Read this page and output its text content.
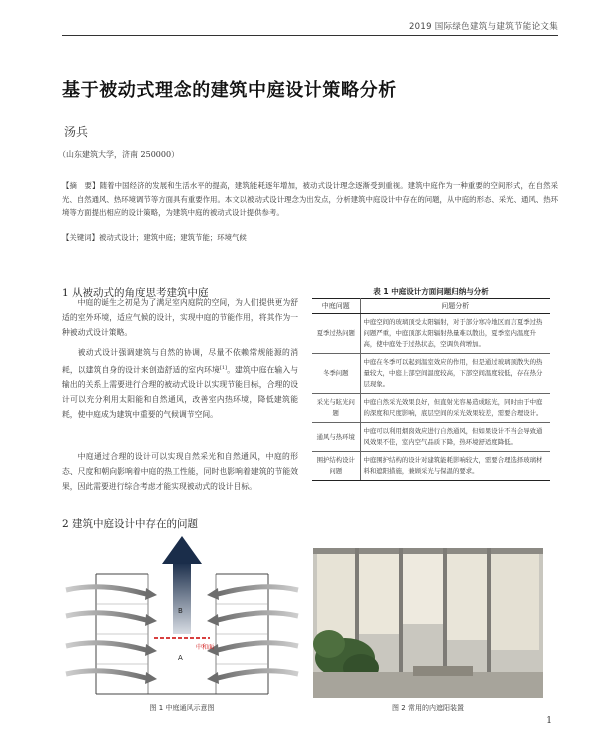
2019 国际绿色建筑与建筑节能论文集
基于被动式理念的建筑中庭设计策略分析
汤兵
（山东建筑大学，济南 250000）
【摘　要】随着中国经济的发展和生活水平的提高，建筑能耗逐年增加，被动式设计理念逐渐受到重视。建筑中庭作为一种重要的空间形式，在自然采光、自然通风、热环境调节等方面具有重要作用。本文以被动式设计理念为出发点，分析建筑中庭设计中存在的问题，从中庭的形态、采光、通风、热环境等方面提出相应的设计策略，为建筑中庭的被动式设计提供参考。
【关键词】被动式设计；建筑中庭；建筑节能；环境气候
1 从被动式的角度思考建筑中庭
中庭的诞生之初是为了满足室内庭院的空间，为人们提供更为舒适的室外环境，适应气候的设计，实现中庭的节能作用，将其作为一种被动式设计策略。
被动式设计强调建筑与自然的协调，尽量不依赖常规能源的消耗，以建筑自身的设计来创造舒适的室内环境[1]。建筑中庭在输入与输出的关系上需要进行合理的被动式设计以实现节能目标，合理的设计可以充分利用太阳能和自然通风，改善室内热环境，降低建筑能耗，使中庭成为建筑中重要的气候调节空间。
中庭通过合理的设计可以实现自然采光和自然通风，中庭的形态、尺度和朝向影响着中庭的热工性能，同时也影响着建筑的节能效果，因此需要进行综合考虑才能实现被动式的设计目标。
2 建筑中庭设计中存在的问题
表 1 中庭设计方面问题归纳与分析
中庭问题	问题分析
夏季过热问题	中庭空间的玻璃顶受太阳辐射，对于部分寒冷地区而言夏季过热问题严重，中庭顶部太阳辐射热量难以散出，夏季室内温度升高，使中庭处于过热状态，空调负荷增加。
冬季问题	中庭在冬季可以起到温室效应的作用，但是通过玻璃顶散失的热量较大，中庭上部空间温度较高，下部空间温度较低，存在热分层现象。
采光与眩光问题	中庭自然采光效果良好，但直射光容易造成眩光，同时由于中庭的深度和尺度影响，底层空间的采光效果较差，需要合理设计。
通风与热环境	中庭可以利用烟囱效应进行自然通风，但如果设计不当会导致通风效果不佳，室内空气品质下降，热环境舒适度降低。
围护结构设计问题	中庭围护结构的设计对建筑能耗影响较大，需要合理选择玻璃材料和遮阳措施，兼顾采光与保温的要求。
B
A
中和面
图 1 中庭通风示意图	图 2 常用的内遮阳装置
1
